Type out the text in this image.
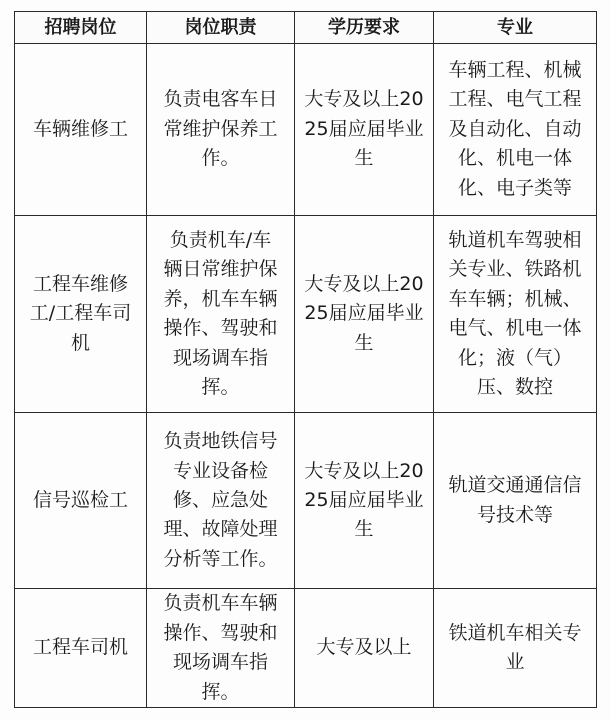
招聘岗位	岗位职责	学历要求	专业

车辆维修工	负责电客车日常维护保养工作。	大专及以上2025届应届毕业生	车辆工程、机械工程、电气工程及自动化、自动化、机电一体化、电子类等

工程车维修工/工程车司机	负责机车/车辆日常维护保养，机车车辆操作、驾驶和现场调车指挥。	大专及以上2025届应届毕业生	轨道机车驾驶相关专业、铁路机车车辆；机械、电气、机电一体化；液（气）压、数控

信号巡检工	负责地铁信号专业设备检修、应急处理、故障处理分析等工作。	大专及以上2025届应届毕业生	轨道交通通信信号技术等

工程车司机	负责机车车辆操作、驾驶和现场调车指挥。	大专及以上	铁道机车相关专业
